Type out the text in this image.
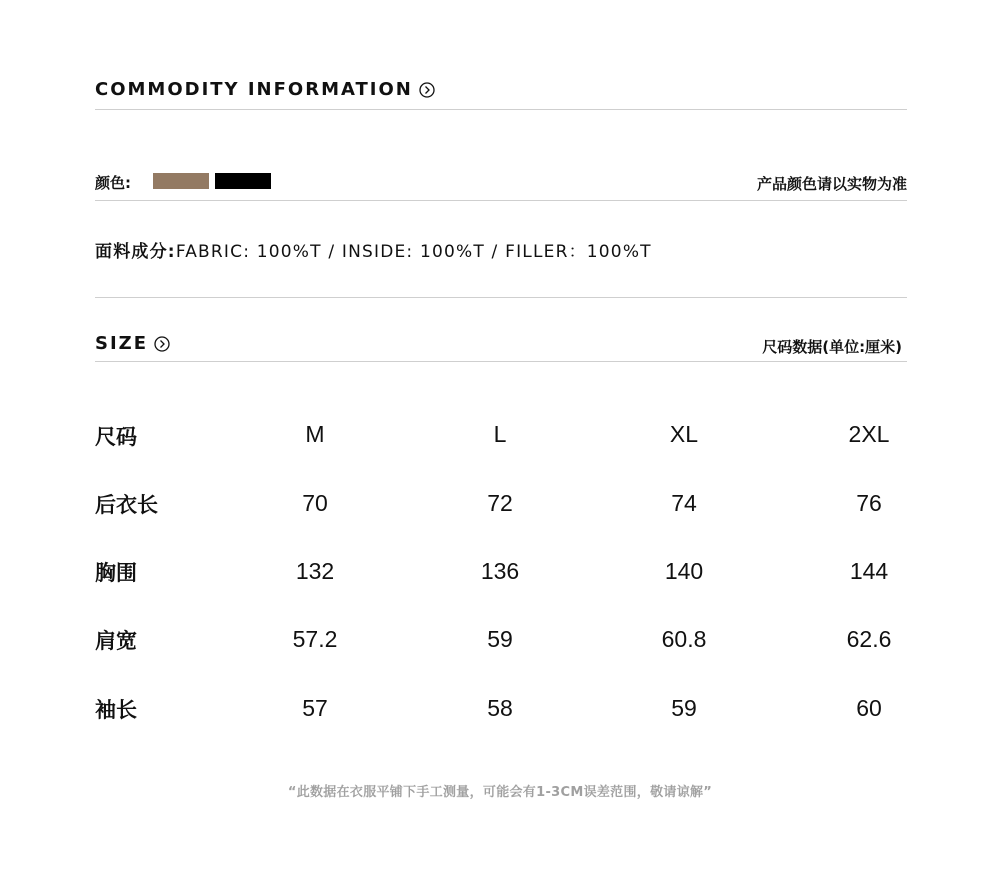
COMMODITY INFORMATION
颜色:	产品颜色请以实物为准
面料成分:FABRIC: 100%T / INSIDE: 100%T / FILLER：100%T
SIZE	尺码数据(单位:厘米)
尺码	M	L	XL	2XL
后衣长	70	72	74	76
胸围	132	136	140	144
肩宽	57.2	59	60.8	62.6
袖长	57	58	59	60
“此数据在衣服平铺下手工测量，可能会有1-3CM误差范围，敬请谅解”
